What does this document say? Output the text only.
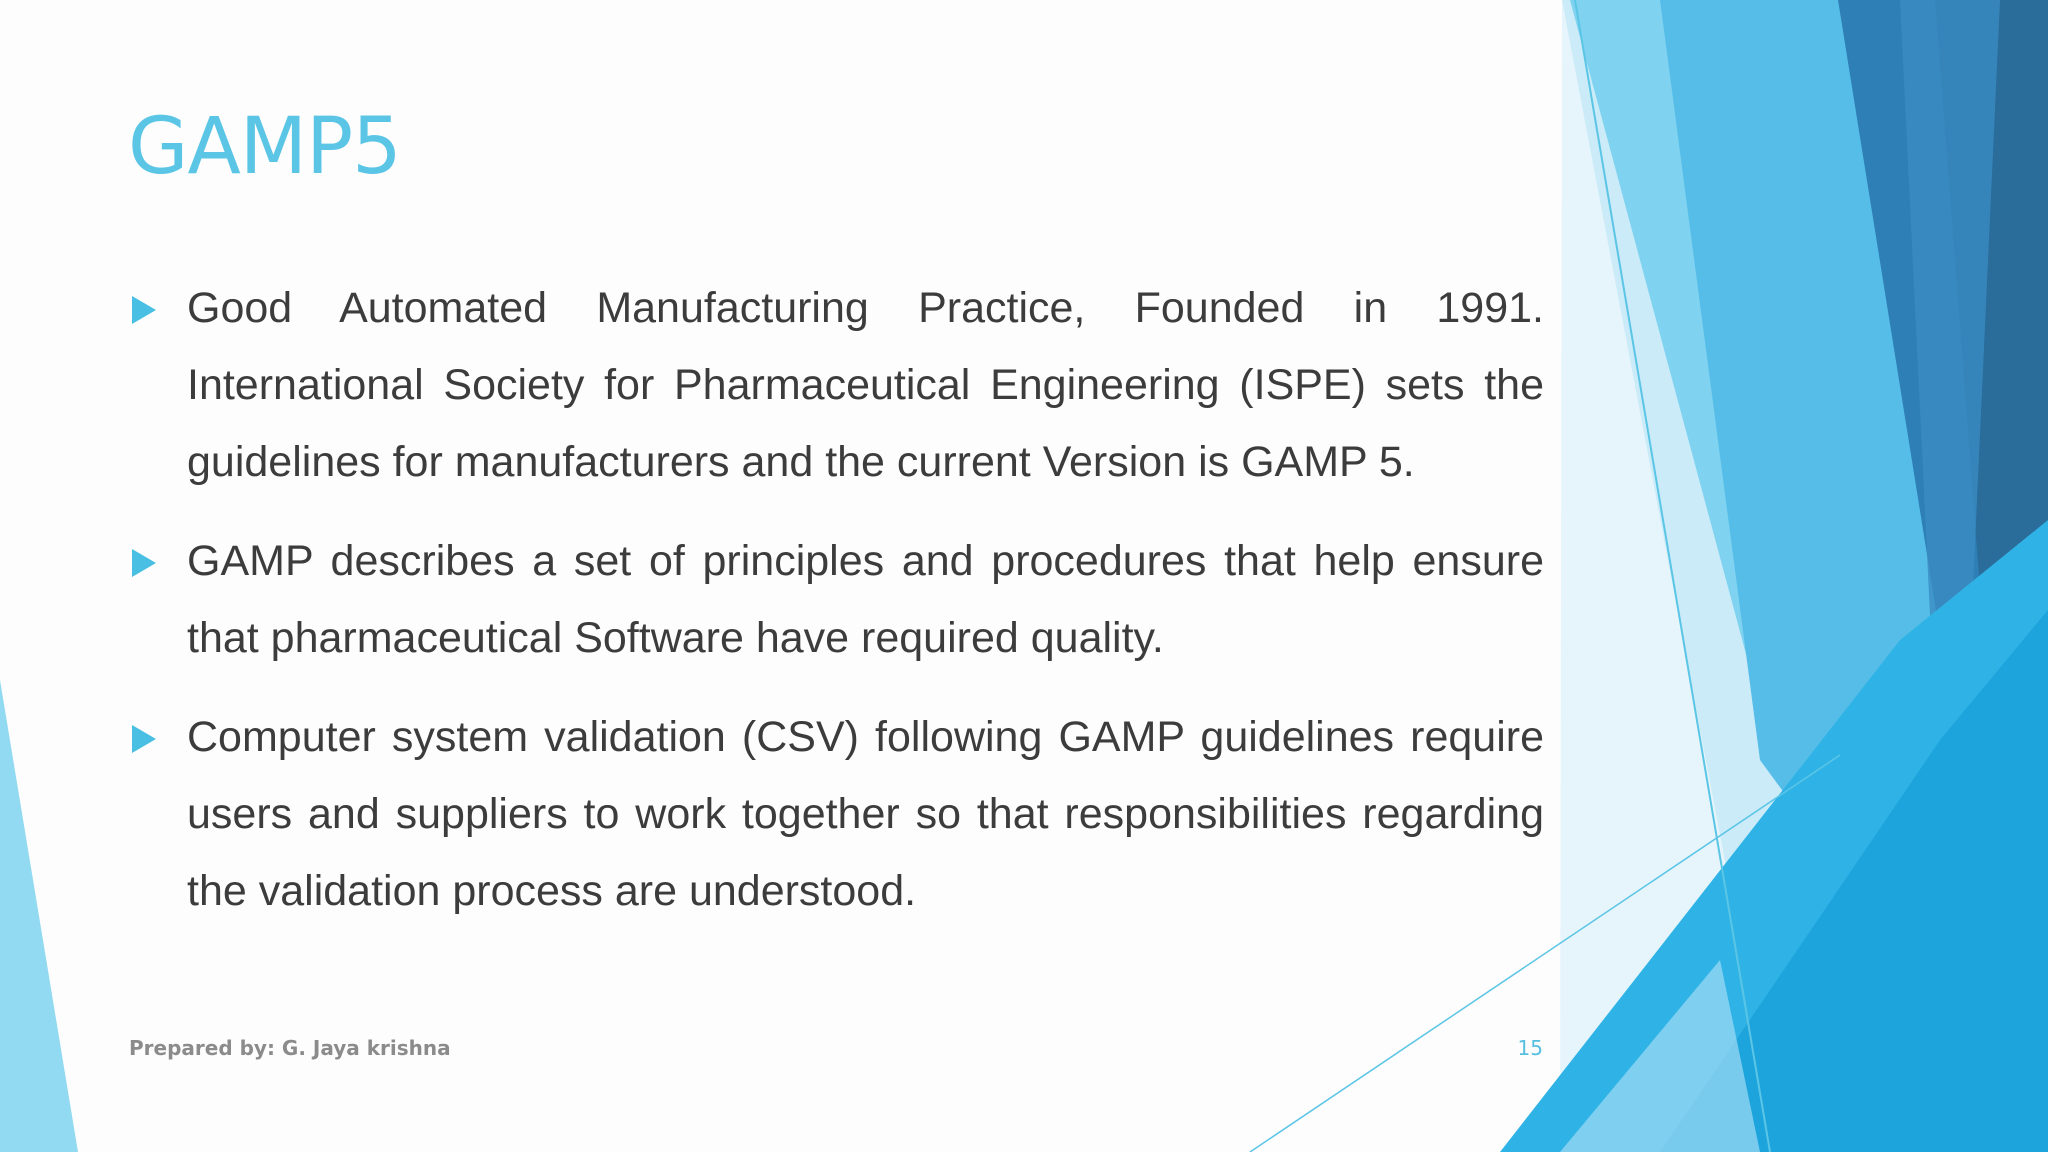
GAMP5

Good Automated Manufacturing Practice, Founded in 1991. International Society for Pharmaceutical Engineering (ISPE) sets the guidelines for manufacturers and the current Version is GAMP 5.

GAMP describes a set of principles and procedures that help ensure that pharmaceutical Software have required quality.

Computer system validation (CSV) following GAMP guidelines require users and suppliers to work together so that responsibilities regarding the validation process are understood.

Prepared by: G. Jaya krishna	15
